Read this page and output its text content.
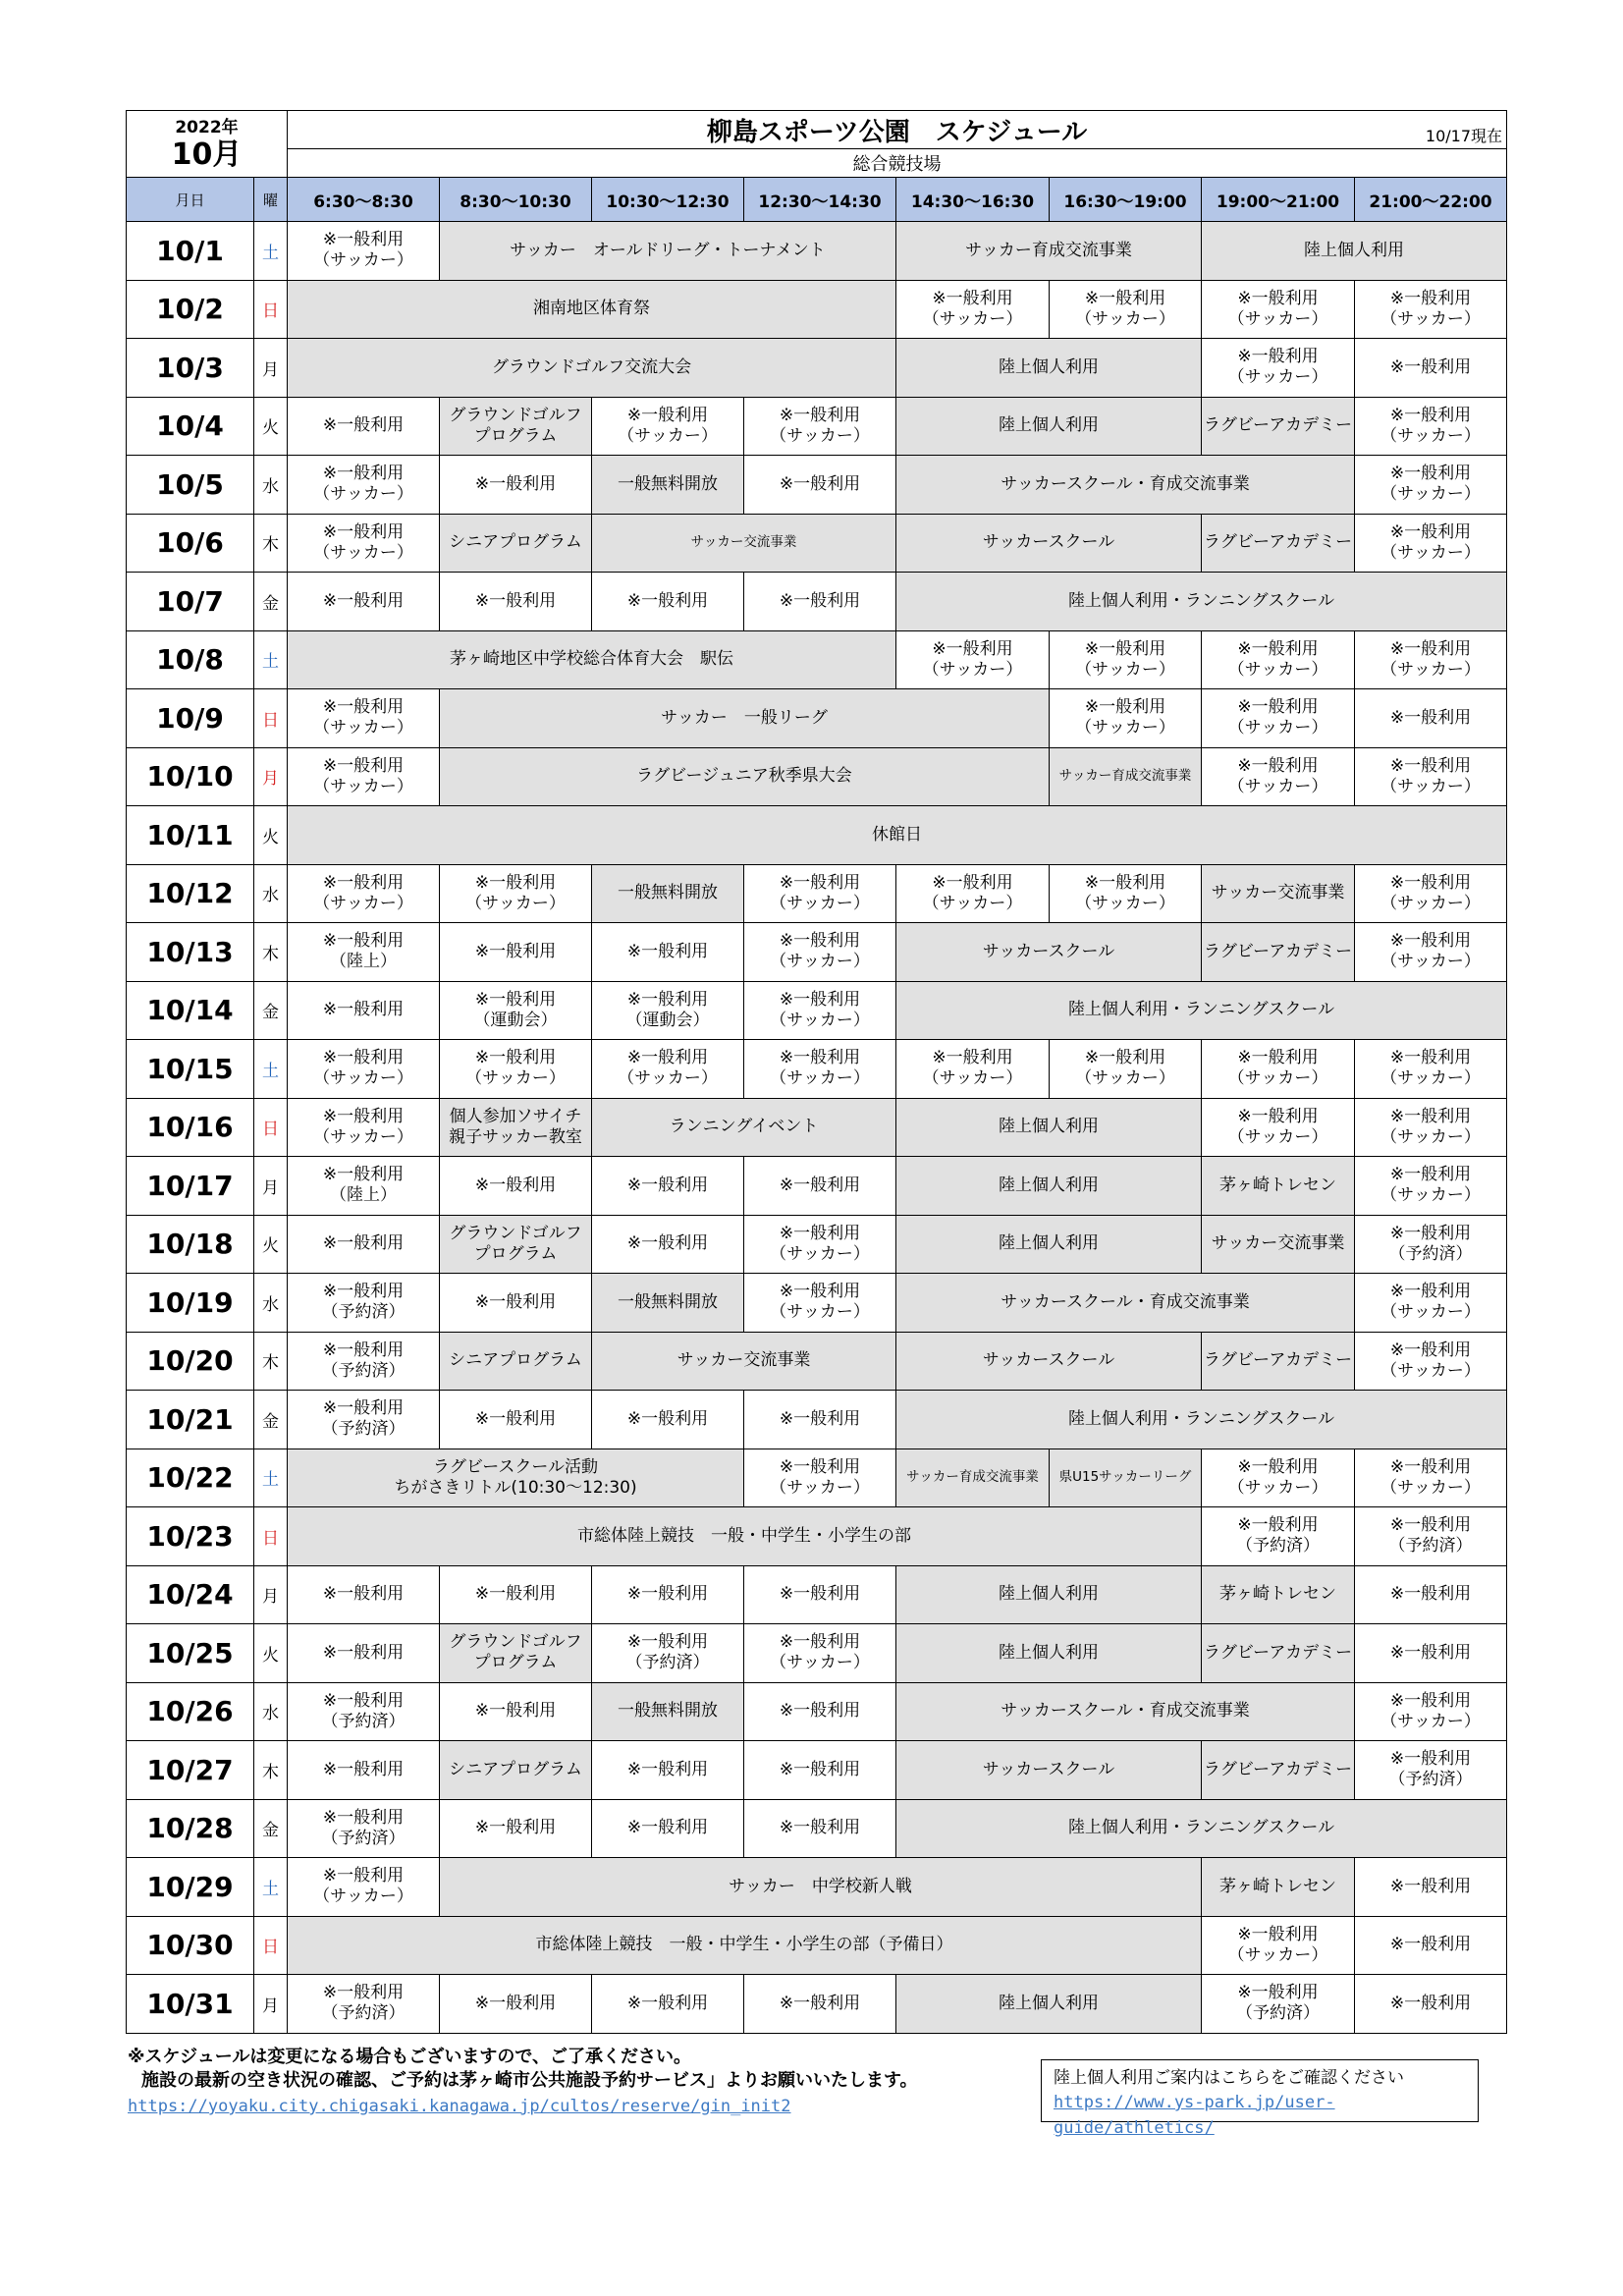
2022年
10月		柳島スポーツ公園　スケジュール 10/17現在							

		総合競技場							
月日	曜	6:30～8:30	8:30～10:30	10:30～12:30	12:30～14:30	14:30～16:30	16:30～19:00	19:00～21:00	21:00～22:00
10/1	土	※一般利用
（サッカー）	サッカー　オールドリーグ・トーナメント			サッカー育成交流事業		陸上個人利用	
10/2	日	湘南地区体育祭				※一般利用
（サッカー）	※一般利用
（サッカー）	※一般利用
（サッカー）	※一般利用
（サッカー）
10/3	月	グラウンドゴルフ交流大会				陸上個人利用		※一般利用
（サッカー）	※一般利用
10/4	火	※一般利用	グラウンドゴルフ
プログラム	※一般利用
（サッカー）	※一般利用
（サッカー）	陸上個人利用		ラグビーアカデミー	※一般利用
（サッカー）
10/5	水	※一般利用
（サッカー）	※一般利用	一般無料開放	※一般利用	サッカースクール・育成交流事業			※一般利用
（サッカー）
10/6	木	※一般利用
（サッカー）	シニアプログラム	サッカー交流事業		サッカースクール		ラグビーアカデミー	※一般利用
（サッカー）
10/7	金	※一般利用	※一般利用	※一般利用	※一般利用	陸上個人利用・ランニングスクール			
10/8	土	茅ヶ崎地区中学校総合体育大会　駅伝				※一般利用
（サッカー）	※一般利用
（サッカー）	※一般利用
（サッカー）	※一般利用
（サッカー）
10/9	日	※一般利用
（サッカー）	サッカー　一般リーグ				※一般利用
（サッカー）	※一般利用
（サッカー）	※一般利用
10/10	月	※一般利用
（サッカー）	ラグビージュニア秋季県大会				サッカー育成交流事業	※一般利用
（サッカー）	※一般利用
（サッカー）
10/11	火	休館日							
10/12	水	※一般利用
（サッカー）	※一般利用
（サッカー）	一般無料開放	※一般利用
（サッカー）	※一般利用
（サッカー）	※一般利用
（サッカー）	サッカー交流事業	※一般利用
（サッカー）
10/13	木	※一般利用
（陸上）	※一般利用	※一般利用	※一般利用
（サッカー）	サッカースクール		ラグビーアカデミー	※一般利用
（サッカー）
10/14	金	※一般利用	※一般利用
（運動会）	※一般利用
（運動会）	※一般利用
（サッカー）	陸上個人利用・ランニングスクール			
10/15	土	※一般利用
（サッカー）	※一般利用
（サッカー）	※一般利用
（サッカー）	※一般利用
（サッカー）	※一般利用
（サッカー）	※一般利用
（サッカー）	※一般利用
（サッカー）	※一般利用
（サッカー）
10/16	日	※一般利用
（サッカー）	個人参加ソサイチ
親子サッカー教室	ランニングイベント		陸上個人利用		※一般利用
（サッカー）	※一般利用
（サッカー）
10/17	月	※一般利用
（陸上）	※一般利用	※一般利用	※一般利用	陸上個人利用		茅ヶ崎トレセン	※一般利用
（サッカー）
10/18	火	※一般利用	グラウンドゴルフ
プログラム	※一般利用	※一般利用
（サッカー）	陸上個人利用		サッカー交流事業	※一般利用
（予約済）
10/19	水	※一般利用
（予約済）	※一般利用	一般無料開放	※一般利用
（サッカー）	サッカースクール・育成交流事業			※一般利用
（サッカー）
10/20	木	※一般利用
（予約済）	シニアプログラム	サッカー交流事業		サッカースクール		ラグビーアカデミー	※一般利用
（サッカー）
10/21	金	※一般利用
（予約済）	※一般利用	※一般利用	※一般利用	陸上個人利用・ランニングスクール			
10/22	土	ラグビースクール活動
ちがさきリトル(10:30～12:30)			※一般利用
（サッカー）	サッカー育成交流事業	県U15サッカーリーグ	※一般利用
（サッカー）	※一般利用
（サッカー）
10/23	日	市総体陸上競技　一般・中学生・小学生の部						※一般利用
（予約済）	※一般利用
（予約済）
10/24	月	※一般利用	※一般利用	※一般利用	※一般利用	陸上個人利用		茅ヶ崎トレセン	※一般利用
10/25	火	※一般利用	グラウンドゴルフ
プログラム	※一般利用
（予約済）	※一般利用
（サッカー）	陸上個人利用		ラグビーアカデミー	※一般利用
10/26	水	※一般利用
（予約済）	※一般利用	一般無料開放	※一般利用	サッカースクール・育成交流事業			※一般利用
（サッカー）
10/27	木	※一般利用	シニアプログラム	※一般利用	※一般利用	サッカースクール		ラグビーアカデミー	※一般利用
（予約済）
10/28	金	※一般利用
（予約済）	※一般利用	※一般利用	※一般利用	陸上個人利用・ランニングスクール			
10/29	土	※一般利用
（サッカー）	サッカー　中学校新人戦					茅ヶ崎トレセン	※一般利用
10/30	日	市総体陸上競技　一般・中学生・小学生の部（予備日）						※一般利用
（サッカー）	※一般利用
10/31	月	※一般利用
（予約済）	※一般利用	※一般利用	※一般利用	陸上個人利用		※一般利用
（予約済）	※一般利用
※スケジュールは変更になる場合もございますので、ご了承ください。
施設の最新の空き状況の確認、ご予約は茅ヶ崎市公共施設予約サービス」よりお願いいたします。
https://yoyaku.city.chigasaki.kanagawa.jp/cultos/reserve/gin_init2
陸上個人利用ご案内はこちらをご確認ください
https://www.ys-park.jp/user-guide/athletics/
